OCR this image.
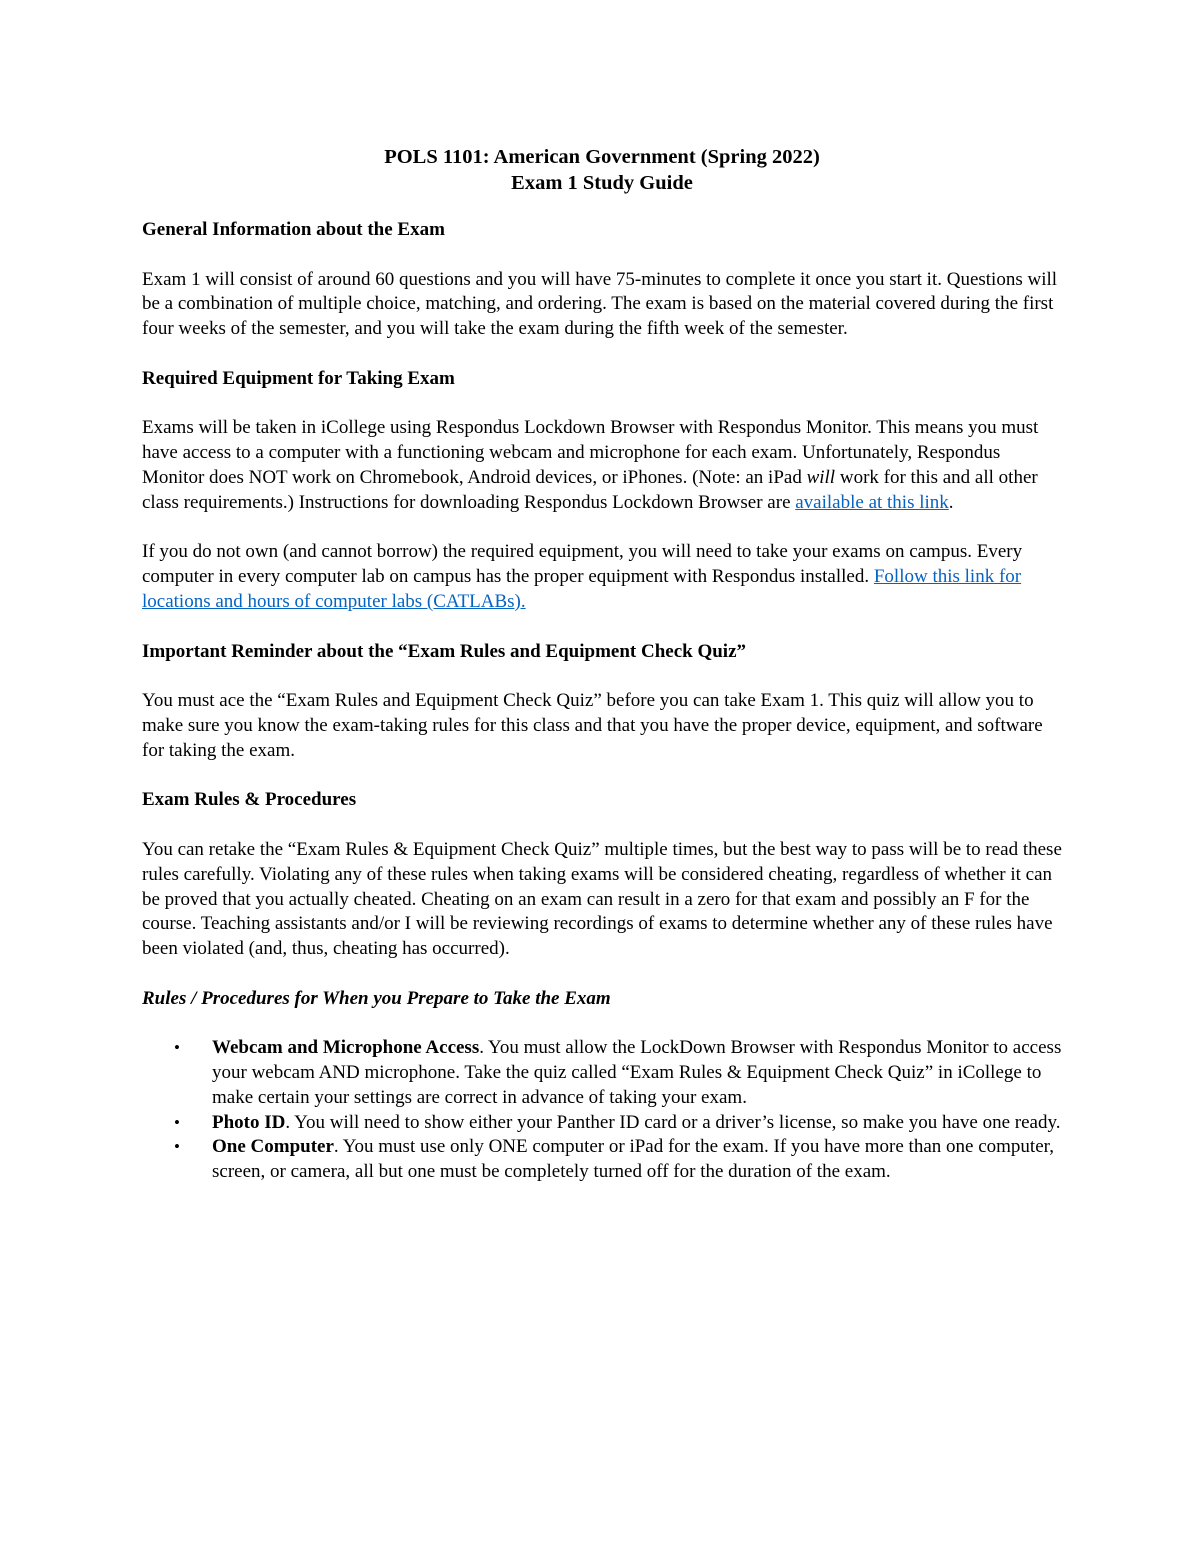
POLS 1101: American Government (Spring 2022)

Exam 1 Study Guide

General Information about the Exam

Exam 1 will consist of around 60 questions and you will have 75-minutes to complete it once you start it. Questions will be a combination of multiple choice, matching, and ordering. The exam is based on the material covered during the first four weeks of the semester, and you will take the exam during the fifth week of the semester.

Required Equipment for Taking Exam

Exams will be taken in iCollege using Respondus Lockdown Browser with Respondus Monitor. This means you must have access to a computer with a functioning webcam and microphone for each exam. Unfortunately, Respondus Monitor does NOT work on Chromebook, Android devices, or iPhones. (Note: an iPad will work for this and all other class requirements.) Instructions for downloading Respondus Lockdown Browser are available at this link.

If you do not own (and cannot borrow) the required equipment, you will need to take your exams on campus. Every computer in every computer lab on campus has the proper equipment with Respondus installed. Follow this link for locations and hours of computer labs (CATLABs).

Important Reminder about the “Exam Rules and Equipment Check Quiz”

You must ace the “Exam Rules and Equipment Check Quiz” before you can take Exam 1. This quiz will allow you to make sure you know the exam-taking rules for this class and that you have the proper device, equipment, and software for taking the exam.

Exam Rules & Procedures

You can retake the “Exam Rules & Equipment Check Quiz” multiple times, but the best way to pass will be to read these rules carefully. Violating any of these rules when taking exams will be considered cheating, regardless of whether it can be proved that you actually cheated. Cheating on an exam can result in a zero for that exam and possibly an F for the course. Teaching assistants and/or I will be reviewing recordings of exams to determine whether any of these rules have been violated (and, thus, cheating has occurred).

Rules / Procedures for When you Prepare to Take the Exam

• Webcam and Microphone Access. You must allow the LockDown Browser with Respondus Monitor to access your webcam AND microphone. Take the quiz called “Exam Rules & Equipment Check Quiz” in iCollege to make certain your settings are correct in advance of taking your exam.
• Photo ID. You will need to show either your Panther ID card or a driver’s license, so make you have one ready.
• One Computer. You must use only ONE computer or iPad for the exam. If you have more than one computer, screen, or camera, all but one must be completely turned off for the duration of the exam.
